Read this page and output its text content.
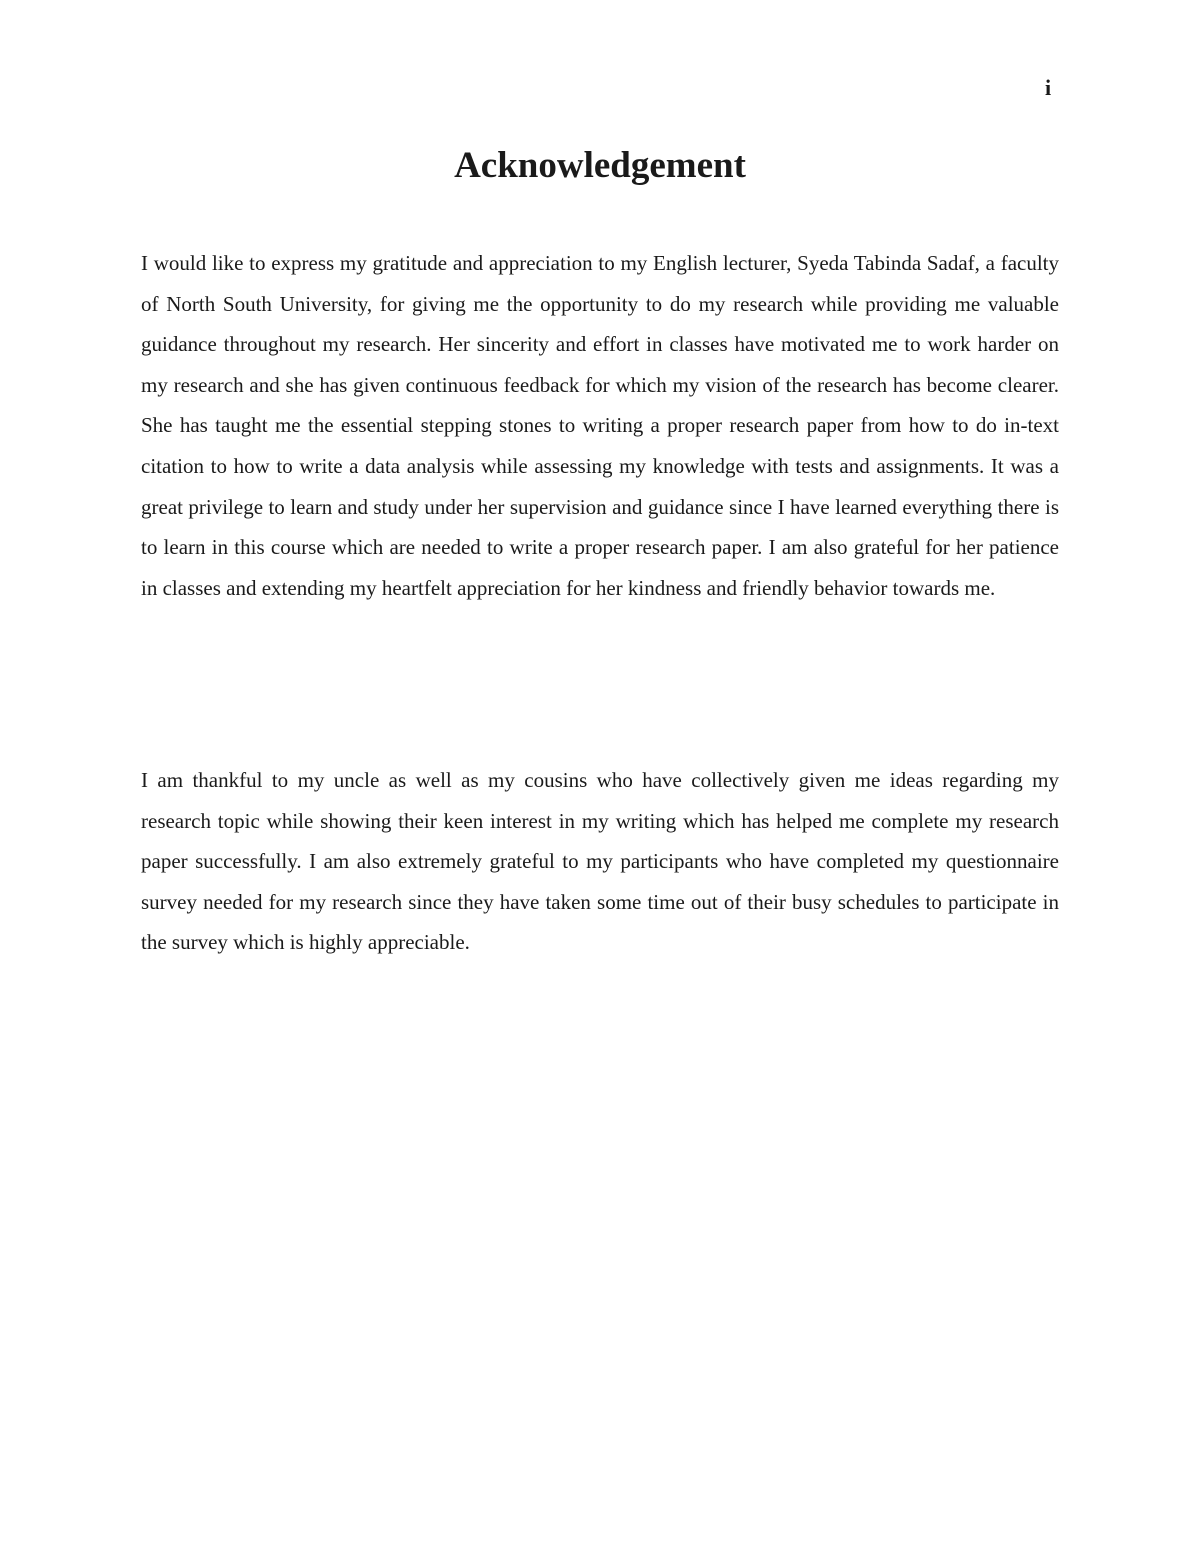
i
Acknowledgement

I would like to express my gratitude and appreciation to my English lecturer, Syeda Tabinda Sadaf, a faculty of North South University, for giving me the opportunity to do my research while providing me valuable guidance throughout my research. Her sincerity and effort in classes have motivated me to work harder on my research and she has given continuous feedback for which my vision of the research has become clearer. She has taught me the essential stepping stones to writing a proper research paper from how to do in-text citation to how to write a data analysis while assessing my knowledge with tests and assignments. It was a great privilege to learn and study under her supervision and guidance since I have learned everything there is to learn in this course which are needed to write a proper research paper. I am also grateful for her patience in classes and extending my heartfelt appreciation for her kindness and friendly behavior towards me.

I am thankful to my uncle as well as my cousins who have collectively given me ideas regarding my research topic while showing their keen interest in my writing which has helped me complete my research paper successfully. I am also extremely grateful to my participants who have completed my questionnaire survey needed for my research since they have taken some time out of their busy schedules to participate in the survey which is highly appreciable.
